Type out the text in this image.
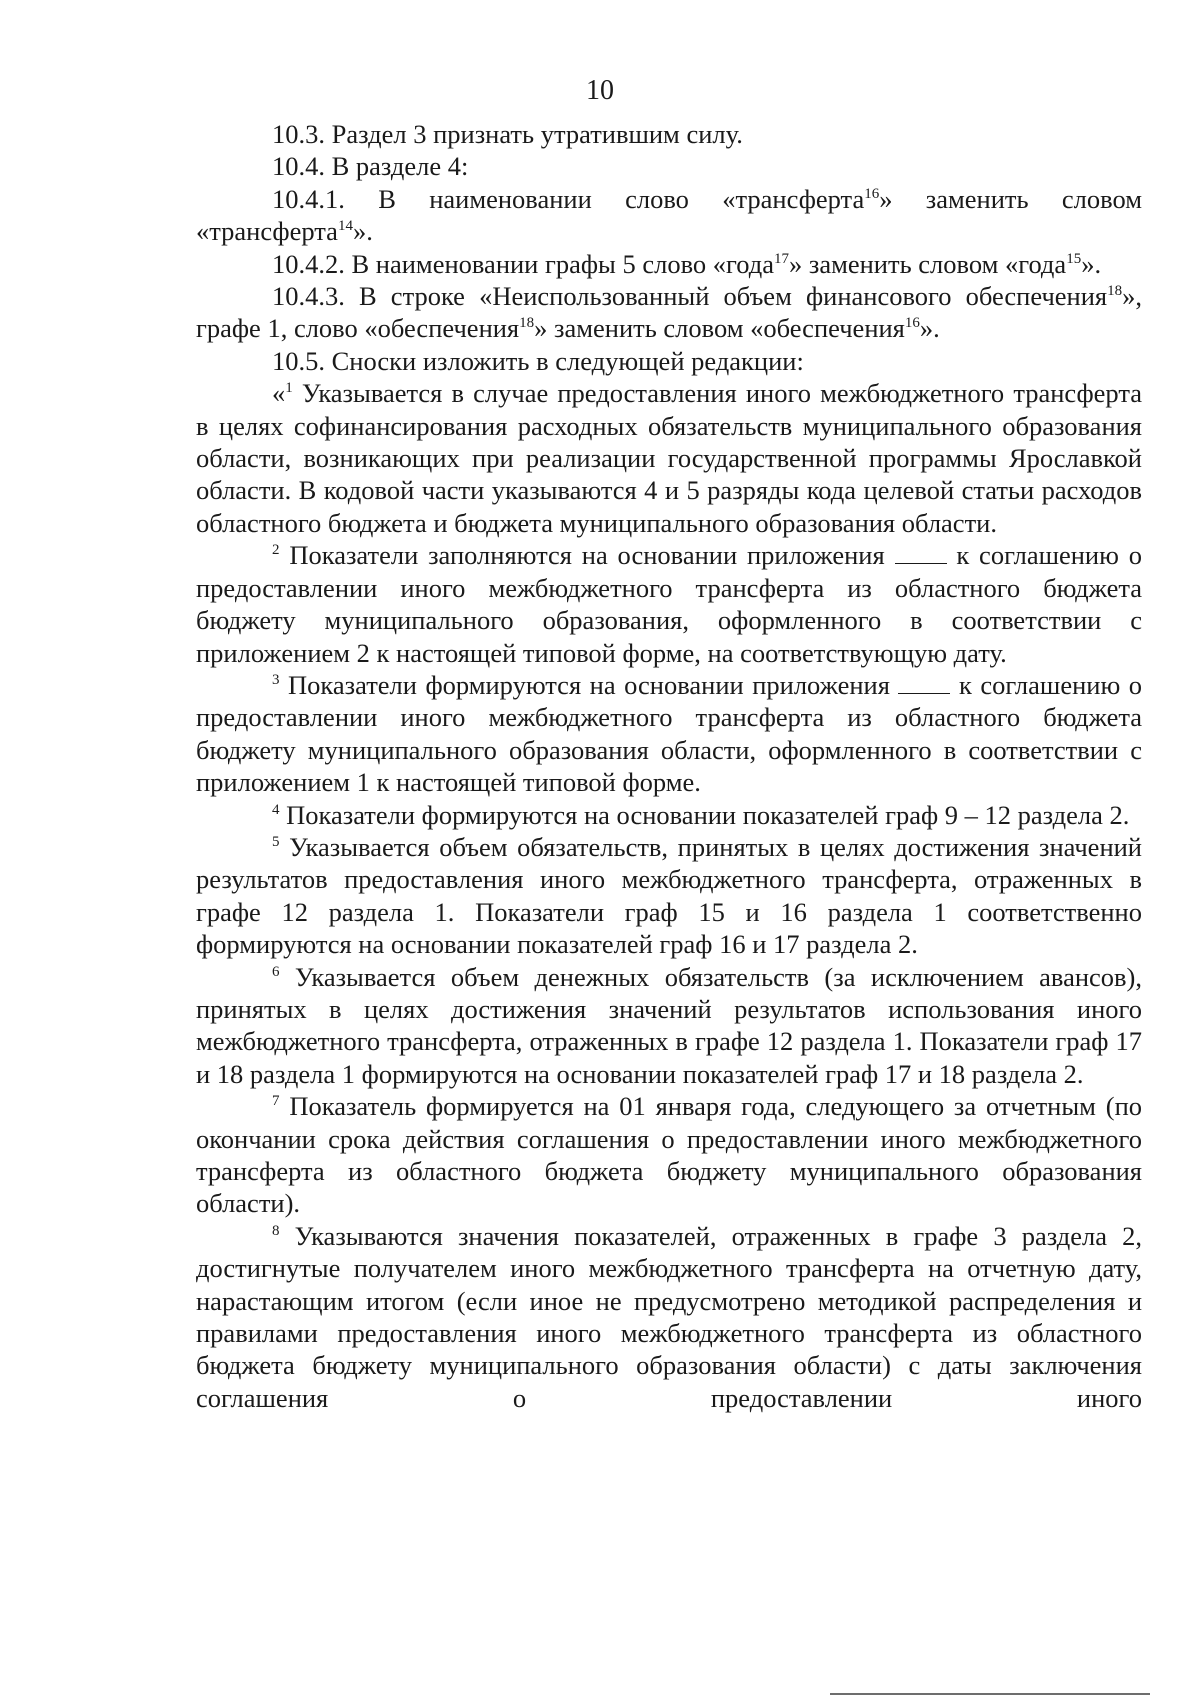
10

10.3. Раздел 3 признать утратившим силу.

10.4. В разделе 4:

10.4.1. В наименовании слово «трансферта$^{16}$» заменить словом «трансферта$^{14}$».

10.4.2. В наименовании графы 5 слово «года$^{17}$» заменить словом «года$^{15}$».

10.4.3. В строке «Неиспользованный объем финансового обеспечения$^{18}$», графе 1, слово «обеспечения$^{18}$» заменить словом «обеспечения$^{16}$».

10.5. Сноски изложить в следующей редакции:

«$^1$ Указывается в случае предоставления иного межбюджетного трансферта в целях софинансирования расходных обязательств муниципального образования области, возникающих при реализации государственной программы Ярославкой области. В кодовой части указываются 4 и 5 разряды кода целевой статьи расходов областного бюджета и бюджета муниципального образования области.

$^2$ Показатели заполняются на основании приложения  к соглашению о предоставлении иного межбюджетного трансферта из областного бюджета бюджету муниципального образования, оформленного в соответствии с приложением 2 к настоящей типовой форме, на соответствующую дату.

$^3$ Показатели формируются на основании приложения  к соглашению о предоставлении иного межбюджетного трансферта из областного бюджета бюджету муниципального образования области, оформленного в соответствии с приложением 1 к настоящей типовой форме.

$^4$ Показатели формируются на основании показателей граф 9 – 12 раздела 2.

$^5$ Указывается объем обязательств, принятых в целях достижения значений результатов предоставления иного межбюджетного трансферта, отраженных в графе 12 раздела 1. Показатели граф 15 и 16 раздела 1 соответственно формируются на основании показателей граф 16 и 17 раздела 2.

$^6$ Указывается объем денежных обязательств (за исключением авансов), принятых в целях достижения значений результатов использования иного межбюджетного трансферта, отраженных в графе 12 раздела 1. Показатели граф 17 и 18 раздела 1 формируются на основании показателей граф 17 и 18 раздела 2.

$^7$ Показатель формируется на 01 января года, следующего за отчетным (по окончании срока действия соглашения о предоставлении иного межбюджетного трансферта из областного бюджета бюджету муниципального образования области).

$^8$ Указываются значения показателей, отраженных в графе 3 раздела 2, достигнутые получателем иного межбюджетного трансферта на отчетную дату, нарастающим итогом (если иное не предусмотрено методикой распределения и правилами предоставления иного межбюджетного трансферта из областного бюджета бюджету муниципального образования области) с даты заключения соглашения о предоставлении иного
